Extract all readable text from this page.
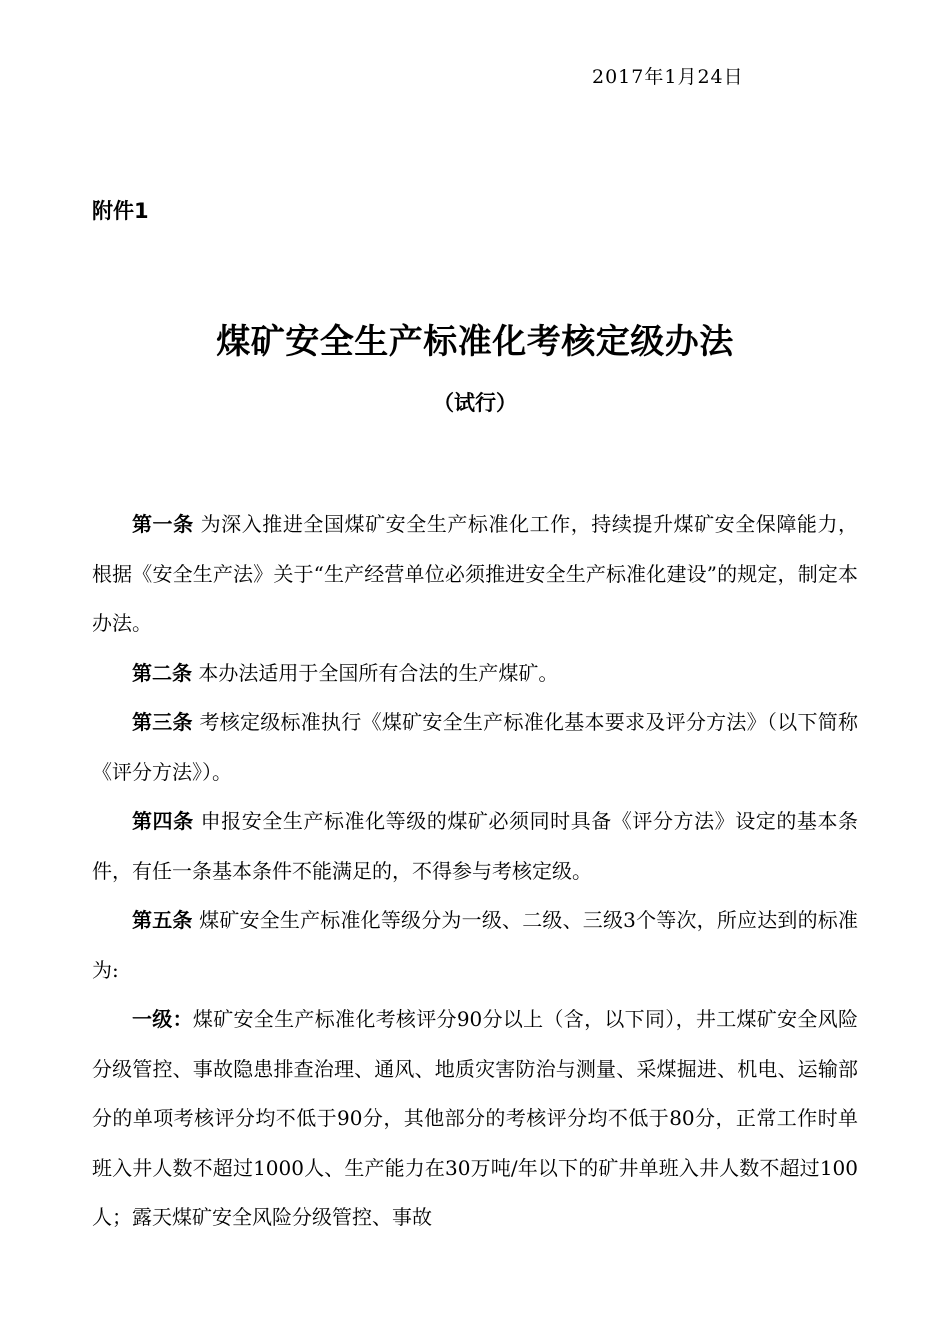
2017年1月24日
附件1
煤矿安全生产标准化考核定级办法
（试行）

第一条 为深入推进全国煤矿安全生产标准化工作，持续提升煤矿安全保障能力，根据《安全生产法》关于“生产经营单位必须推进安全生产标准化建设”的规定，制定本办法。

第二条 本办法适用于全国所有合法的生产煤矿。

第三条 考核定级标准执行《煤矿安全生产标准化基本要求及评分方法》（以下简称《评分方法》）。

第四条 申报安全生产标准化等级的煤矿必须同时具备《评分方法》设定的基本条件，有任一条基本条件不能满足的，不得参与考核定级。

第五条 煤矿安全生产标准化等级分为一级、二级、三级3个等次，所应达到的标准为:

一级：煤矿安全生产标准化考核评分90分以上（含，以下同），井工煤矿安全风险分级管控、事故隐患排查治理、通风、地质灾害防治与测量、采煤掘进、机电、运输部分的单项考核评分均不低于90分，其他部分的考核评分均不低于80分，正常工作时单班入井人数不超过1000人、生产能力在30万吨/年以下的矿井单班入井人数不超过100人；露天煤矿安全风险分级管控、事故
